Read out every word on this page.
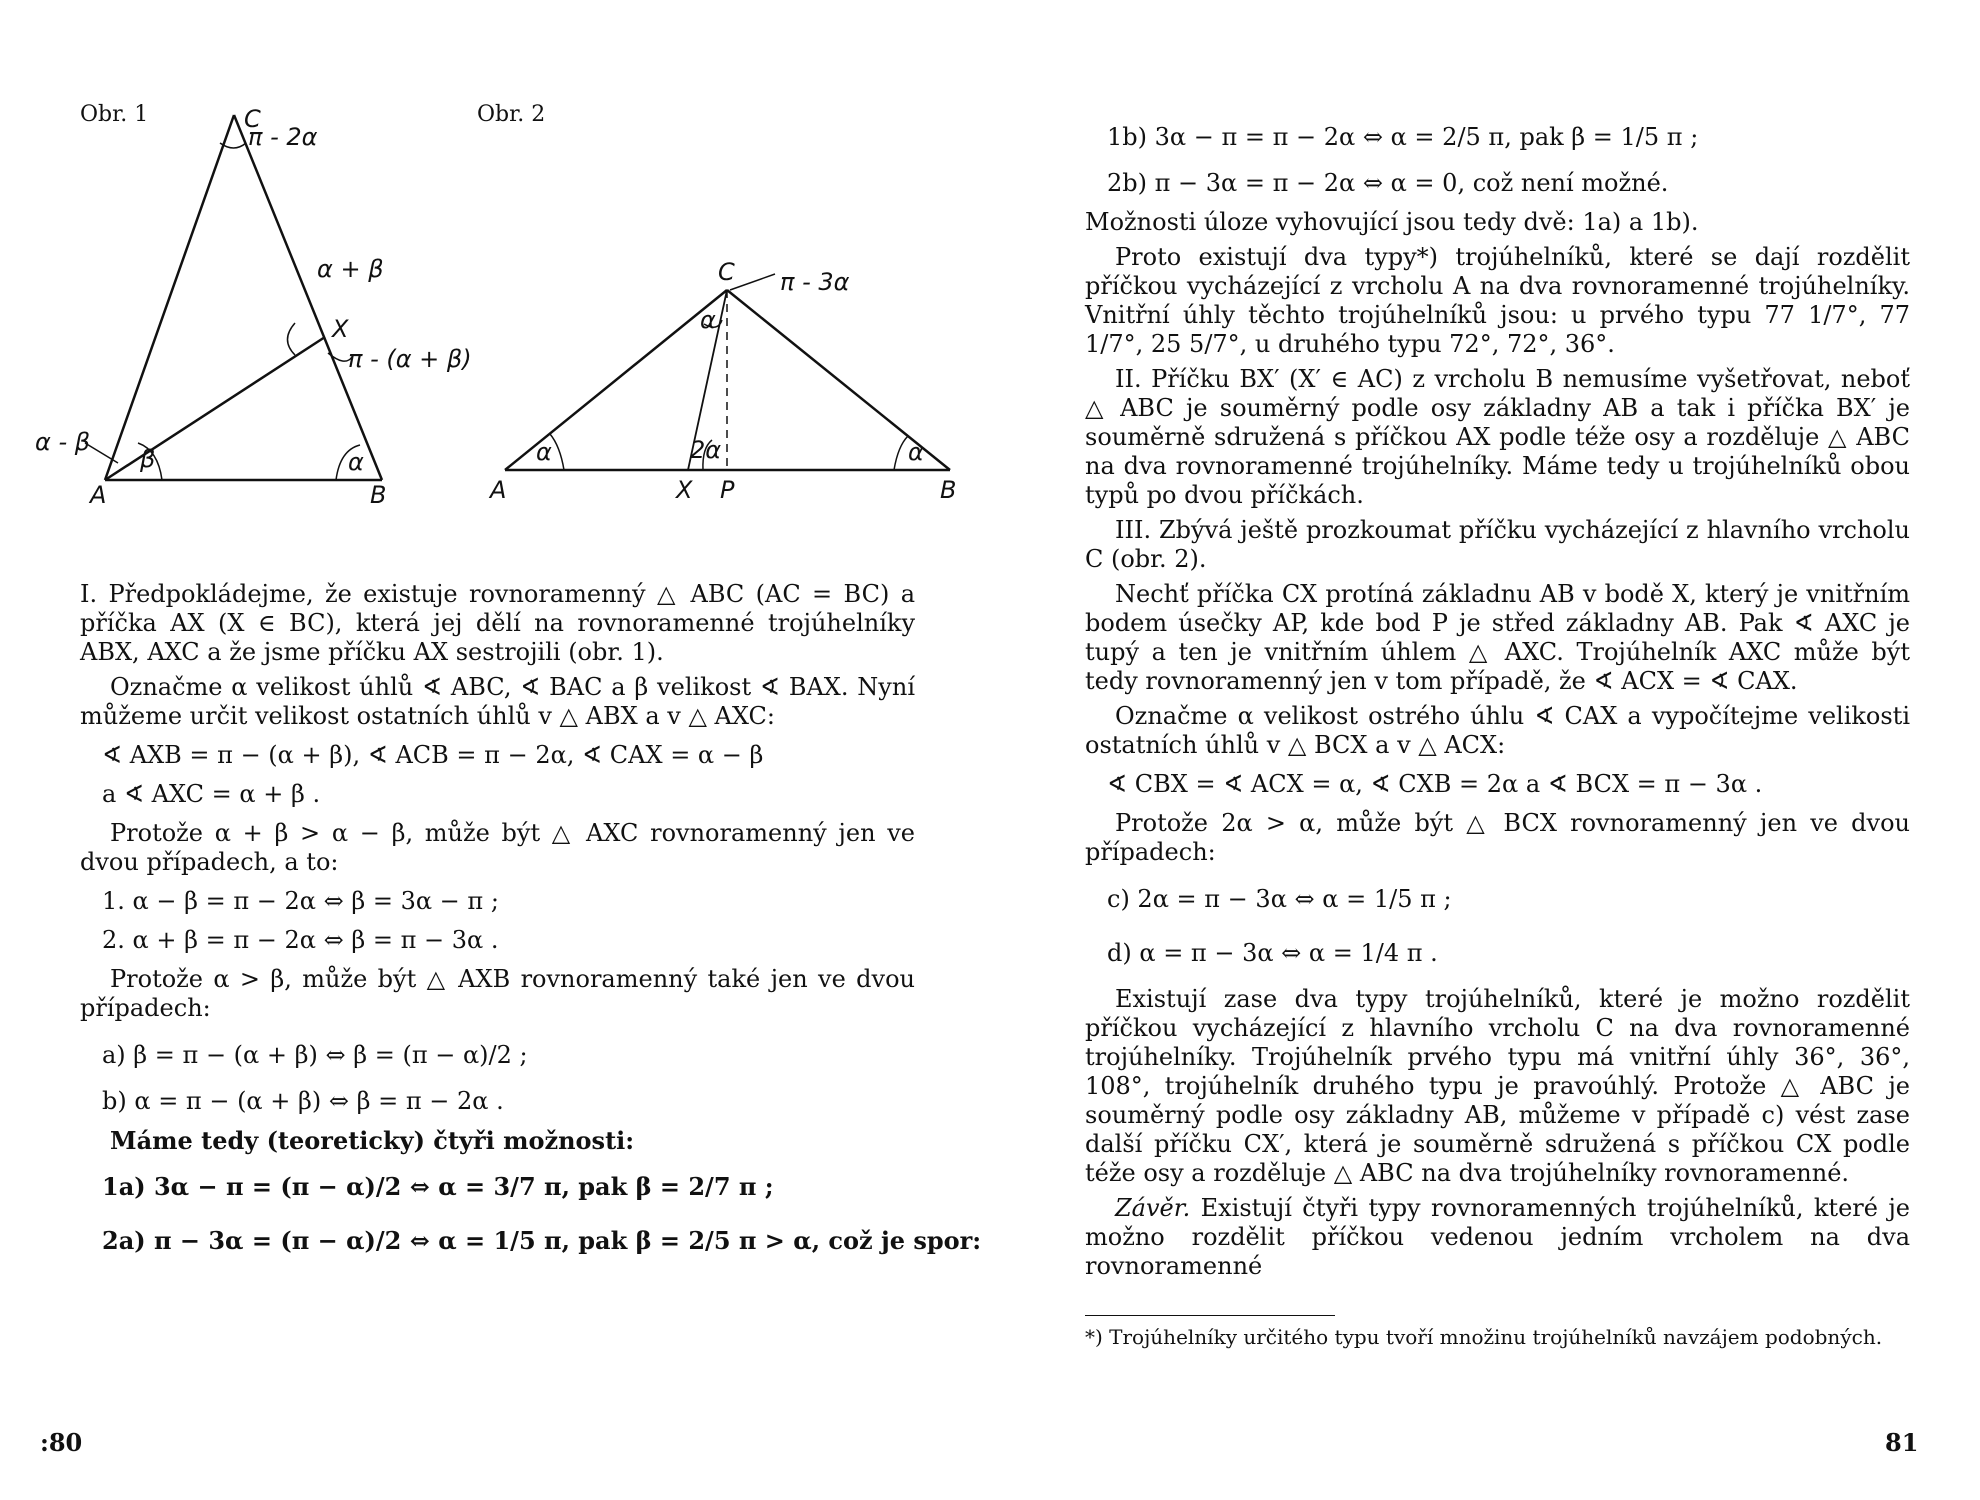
Obr. 1	Obr. 2
C
A	B
X
π - 2α
α + β
π - (α + β)
α - β
β	α
C
A	B
X P
π - 3α
α
2α
α	α

I. Předpokládejme, že existuje rovnoramenný △ ABC (AC = BC) a příčka AX (X ∈ BC), která jej dělí na rovnoramenné trojúhelníky ABX, AXC a že jsme příčku AX sestrojili (obr. 1).

Označme α velikost úhlů ∢ ABC, ∢ BAC a β velikost ∢ BAX. Nyní můžeme určit velikost ostatních úhlů v △ ABX a v △ AXC:

∢ AXB = π − (α + β), ∢ ACB = π − 2α, ∢ CAX = α − β
a ∢ AXC = α + β .

Protože α + β > α − β, může být △ AXC rovnoramenný jen ve dvou případech, a to:

1. α − β = π − 2α ⇔ β = 3α − π ;
2. α + β = π − 2α ⇔ β = π − 3α .

Protože α > β, může být △ AXB rovnoramenný také jen ve dvou případech:

a) β = π − (α + β) ⇔ β = (π − α)/2 ;
b) α = π − (α + β) ⇔ β = π − 2α .

Máme tedy (teoreticky) čtyři možnosti:

1a) 3α − π = (π − α)/2 ⇔ α = 3/7 π, pak β = 2/7 π ;
2a) π − 3α = (π − α)/2 ⇔ α = 1/5 π, pak β = 2/5 π > α, což je spor:
:80
1b) 3α − π = π − 2α ⇔ α = 2/5 π, pak β = 1/5 π ;
2b) π − 3α = π − 2α ⇔ α = 0, což není možné.

Možnosti úloze vyhovující jsou tedy dvě: 1a) a 1b).

Proto existují dva typy*) trojúhelníků, které se dají rozdělit příčkou vycházející z vrcholu A na dva rovnoramenné trojúhelníky. Vnitřní úhly těchto trojúhelníků jsou: u prvého typu 77 1/7°, 77 1/7°, 25 5/7°, u druhého typu 72°, 72°, 36°.

II. Příčku BX′ (X′ ∈ AC) z vrcholu B nemusíme vyšetřovat, neboť △ ABC je souměrný podle osy základny AB a tak i příčka BX′ je souměrně sdružená s příčkou AX podle téže osy a rozděluje △ ABC na dva rovnoramenné trojúhelníky. Máme tedy u trojúhelníků obou typů po dvou příčkách.

III. Zbývá ještě prozkoumat příčku vycházející z hlavního vrcholu C (obr. 2).

Nechť příčka CX protíná základnu AB v bodě X, který je vnitřním bodem úsečky AP, kde bod P je střed základny AB. Pak ∢ AXC je tupý a ten je vnitřním úhlem △ AXC. Trojúhelník AXC může být tedy rovnoramenný jen v tom případě, že ∢ ACX = ∢ CAX.

Označme α velikost ostrého úhlu ∢ CAX a vypočítejme velikosti ostatních úhlů v △ BCX a v △ ACX:

∢ CBX = ∢ ACX = α, ∢ CXB = 2α a ∢ BCX = π − 3α .

Protože 2α > α, může být △ BCX rovnoramenný jen ve dvou případech:

c) 2α = π − 3α ⇔ α = 1/5 π ;
d) α = π − 3α ⇔ α = 1/4 π .

Existují zase dva typy trojúhelníků, které je možno rozdělit příčkou vycházející z hlavního vrcholu C na dva rovnoramenné trojúhelníky. Trojúhelník prvého typu má vnitřní úhly 36°, 36°, 108°, trojúhelník druhého typu je pravoúhlý. Protože △ ABC je souměrný podle osy základny AB, můžeme v případě c) vést zase další příčku CX′, která je souměrně sdružená s příčkou CX podle téže osy a rozděluje △ ABC na dva trojúhelníky rovnoramenné.

Závěr. Existují čtyři typy rovnoramenných trojúhelníků, které je možno rozdělit příčkou vedenou jedním vrcholem na dva rovnoramenné

*) Trojúhelníky určitého typu tvoří množinu trojúhelníků navzájem podobných.
81
